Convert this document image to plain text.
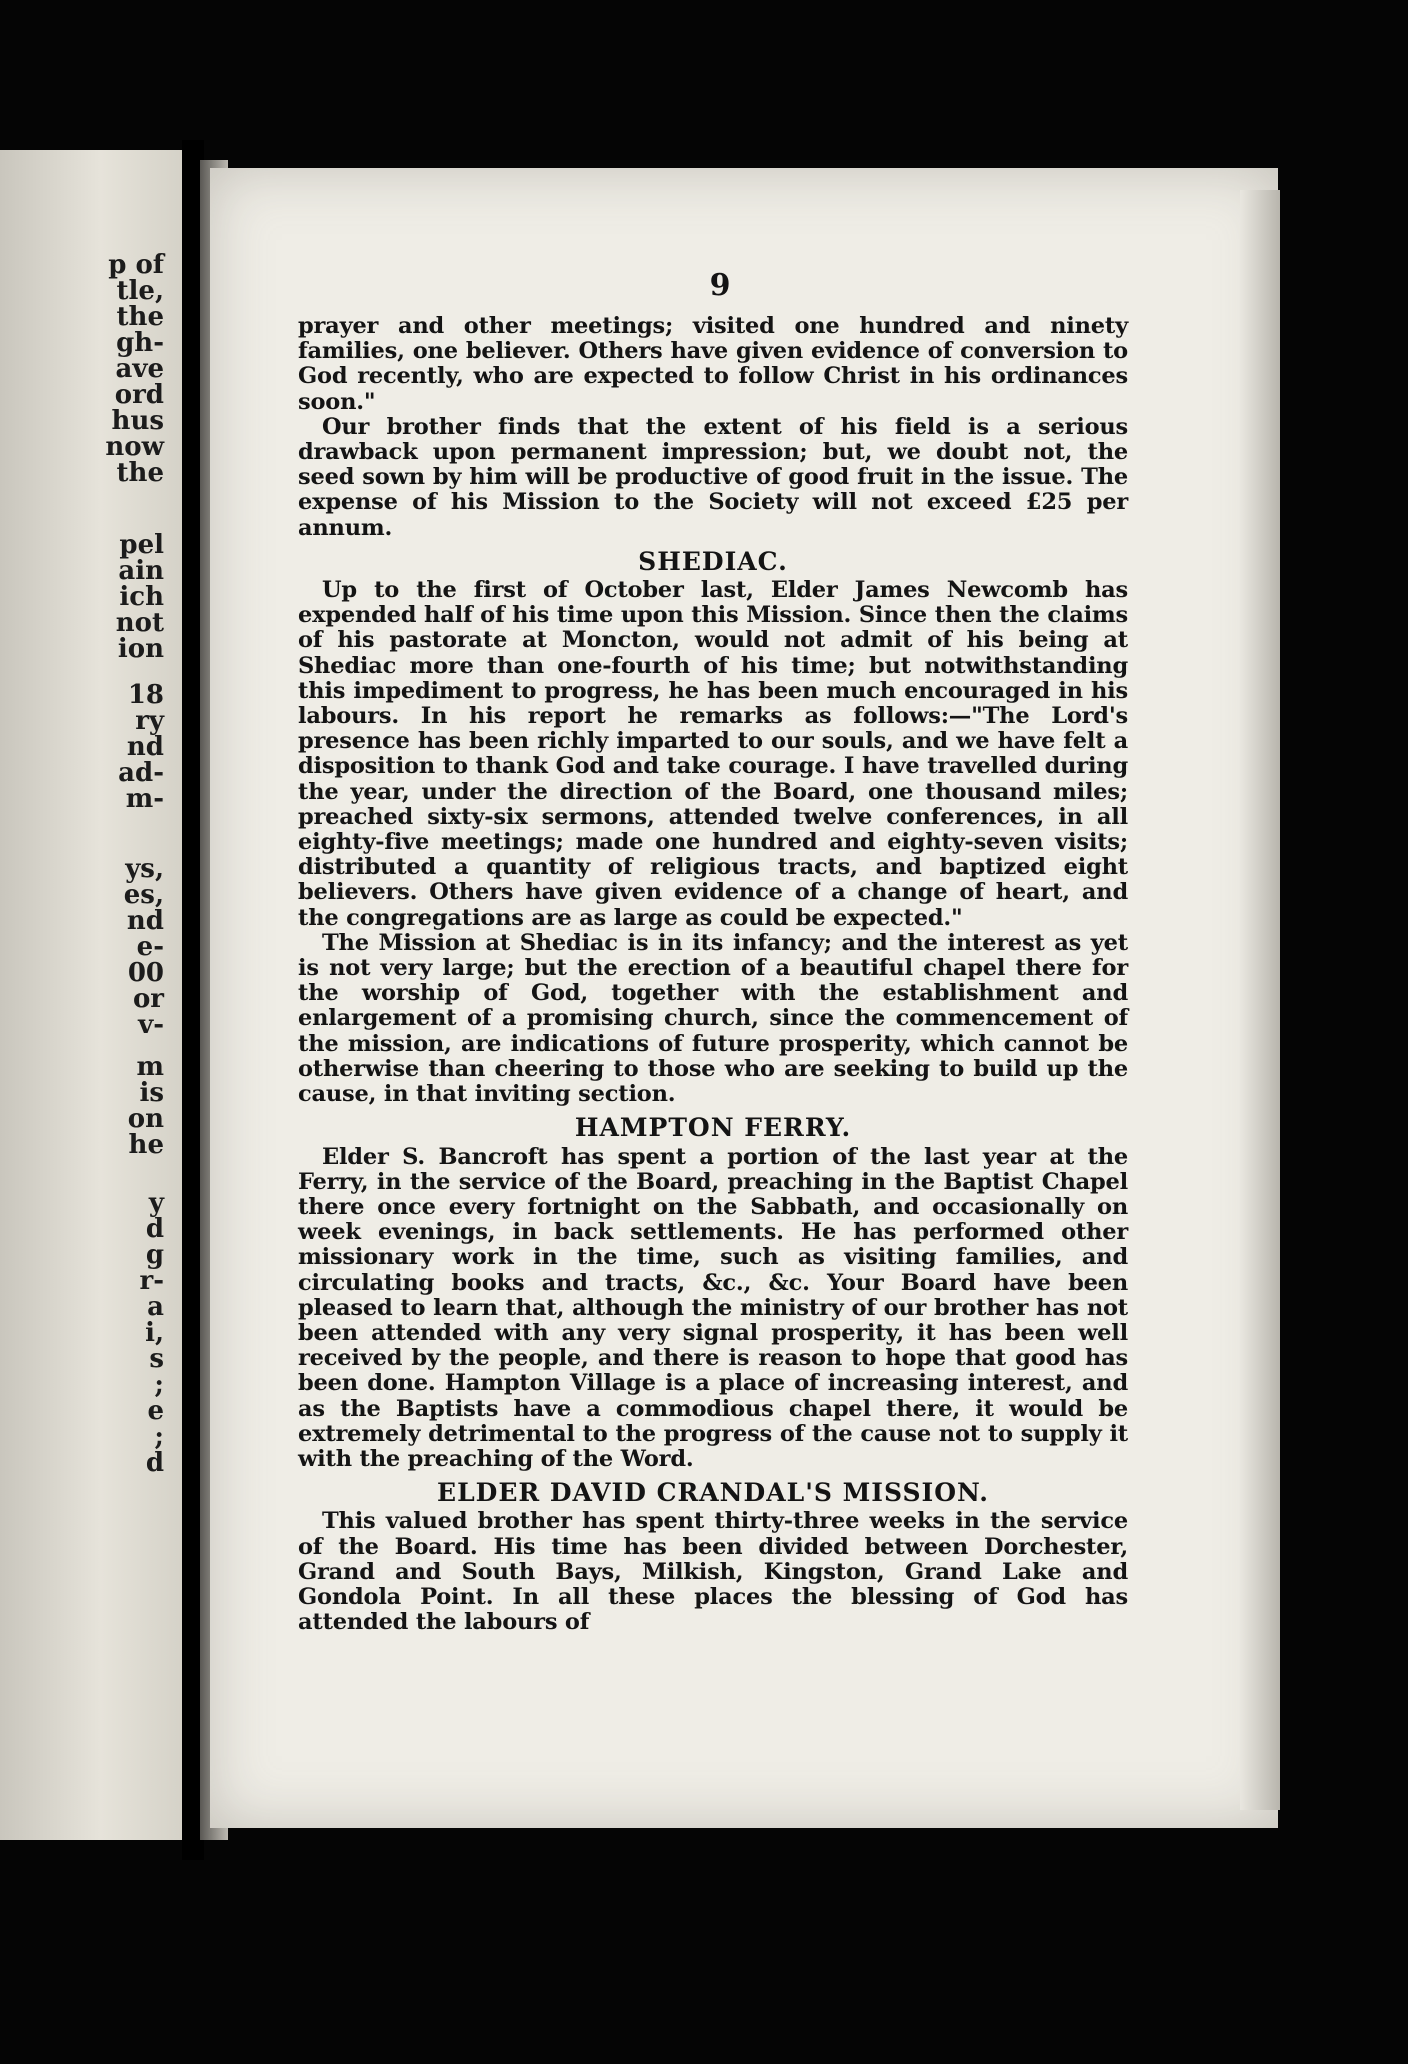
p of
tle,
the
gh-
ave
ord
hus
now
the
pel
ain
ich
not
ion
18
ry
nd
ad-
m-
ys,
es,
nd
e-
00
or
v-
m
is
on
he
y
d
g
r-
a
i,
s
;
e
;
d
9

prayer and other meetings; visited one hundred and ninety families, one believer. Others have given evidence of conversion to God recently, who are expected to follow Christ in his ordinances soon."

Our brother finds that the extent of his field is a serious drawback upon permanent impression; but, we doubt not, the seed sown by him will be productive of good fruit in the issue. The expense of his Mission to the Society will not exceed £25 per annum.

SHEDIAC.

Up to the first of October last, Elder James Newcomb has expended half of his time upon this Mission. Since then the claims of his pastorate at Moncton, would not admit of his being at Shediac more than one-fourth of his time; but notwithstanding this impediment to progress, he has been much encouraged in his labours. In his report he remarks as follows:—"The Lord's presence has been richly imparted to our souls, and we have felt a disposition to thank God and take courage. I have travelled during the year, under the direction of the Board, one thousand miles; preached sixty-six sermons, attended twelve conferences, in all eighty-five meetings; made one hundred and eighty-seven visits; distributed a quantity of religious tracts, and baptized eight believers. Others have given evidence of a change of heart, and the congregations are as large as could be expected."

The Mission at Shediac is in its infancy; and the interest as yet is not very large; but the erection of a beautiful chapel there for the worship of God, together with the establishment and enlargement of a promising church, since the commencement of the mission, are indications of future prosperity, which cannot be otherwise than cheering to those who are seeking to build up the cause, in that inviting section.

HAMPTON FERRY.

Elder S. Bancroft has spent a portion of the last year at the Ferry, in the service of the Board, preaching in the Baptist Chapel there once every fortnight on the Sabbath, and occasionally on week evenings, in back settlements. He has performed other missionary work in the time, such as visiting families, and circulating books and tracts, &c., &c. Your Board have been pleased to learn that, although the ministry of our brother has not been attended with any very signal prosperity, it has been well received by the people, and there is reason to hope that good has been done. Hampton Village is a place of increasing interest, and as the Baptists have a commodious chapel there, it would be extremely detrimental to the progress of the cause not to supply it with the preaching of the Word.

ELDER DAVID CRANDAL'S MISSION.

This valued brother has spent thirty-three weeks in the service of the Board. His time has been divided between Dorchester, Grand and South Bays, Milkish, Kingston, Grand Lake and Gondola Point. In all these places the blessing of God has attended the labours of
